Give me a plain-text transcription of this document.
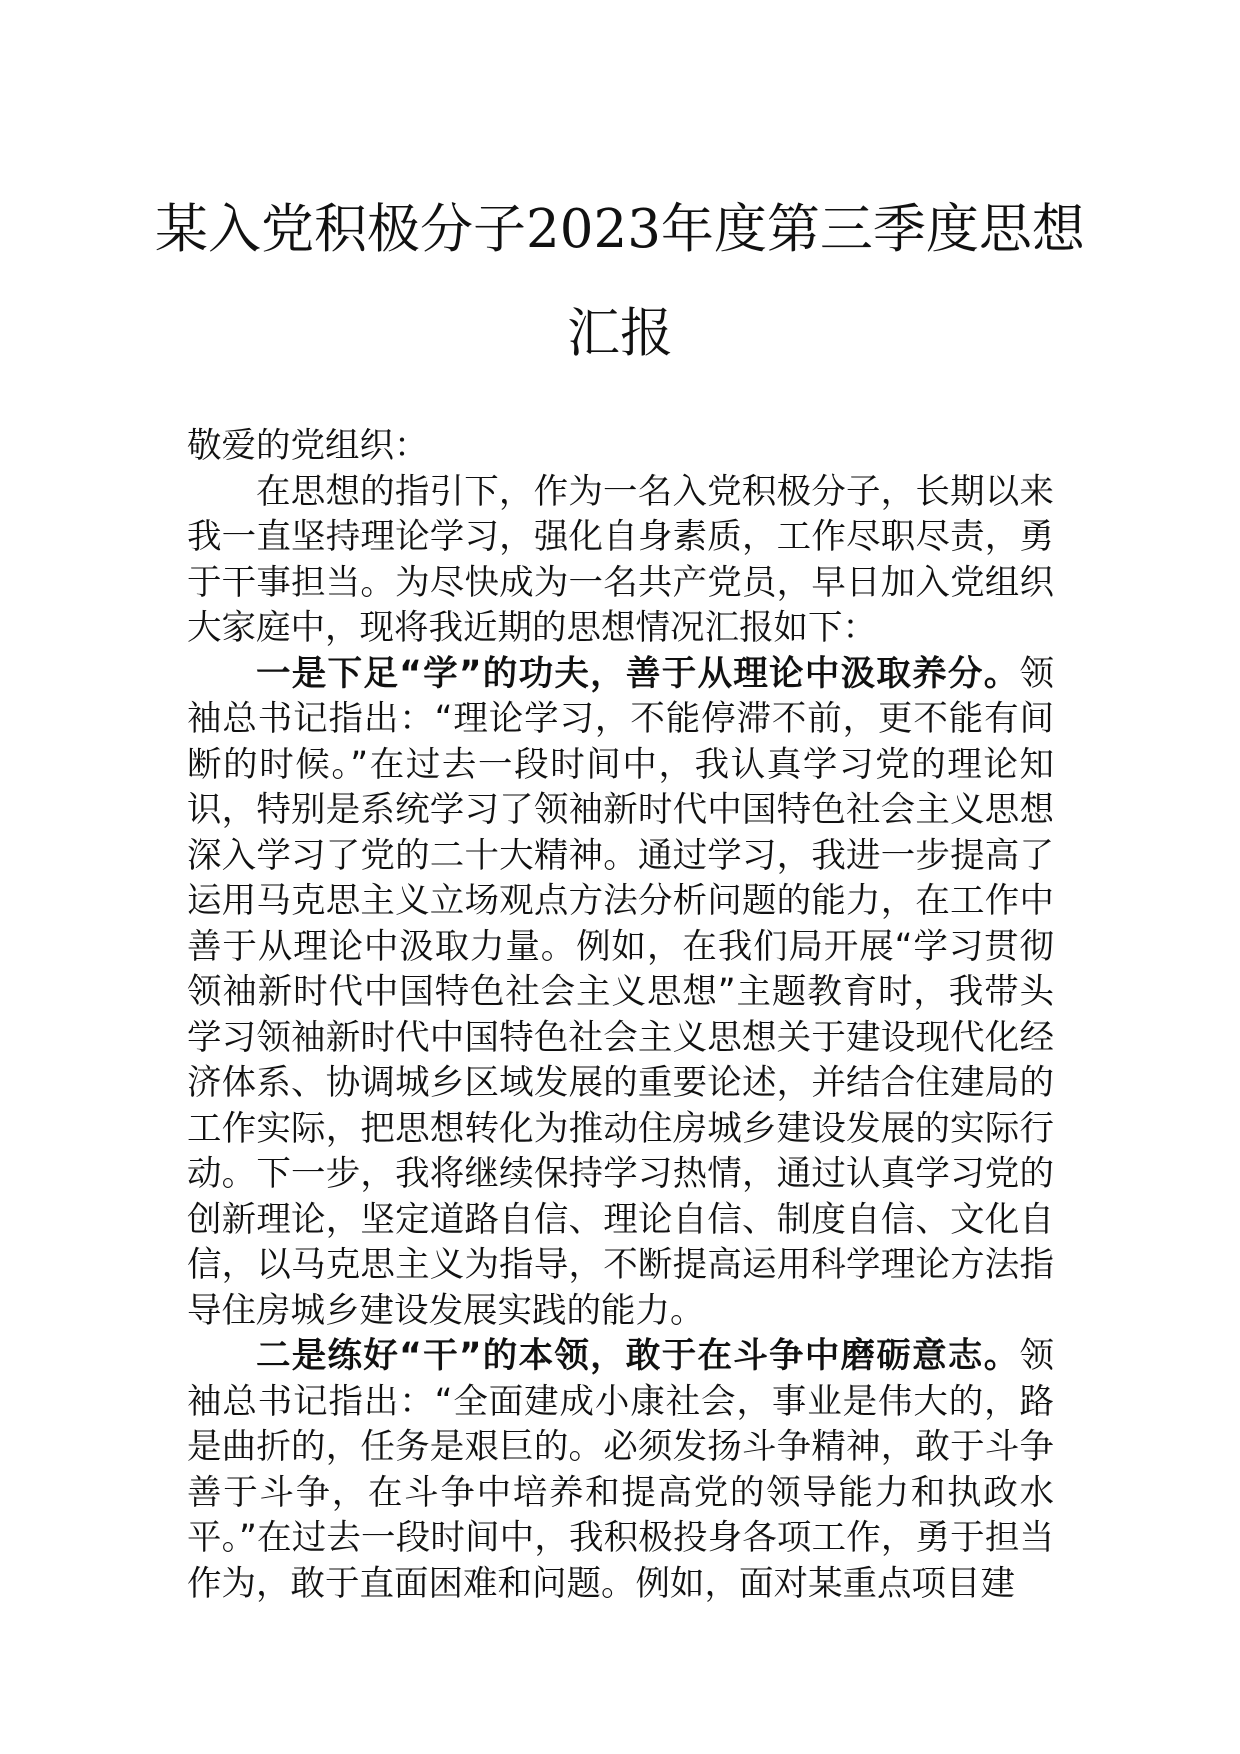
某入党积极分子2023年度第三季度思想汇报

敬爱的党组织：

在思想的指引下，作为一名入党积极分子，长期以来我一直坚持理论学习，强化自身素质，工作尽职尽责，勇于干事担当。为尽快成为一名共产党员，早日加入党组织大家庭中，现将我近期的思想情况汇报如下：

一是下足“学”的功夫，善于从理论中汲取养分。领袖总书记指出：“理论学习，不能停滞不前，更不能有间断的时候。”在过去一段时间中，我认真学习党的理论知识，特别是系统学习了领袖新时代中国特色社会主义思想深入学习了党的二十大精神。通过学习，我进一步提高了运用马克思主义立场观点方法分析问题的能力，在工作中善于从理论中汲取力量。例如，在我们局开展“学习贯彻领袖新时代中国特色社会主义思想”主题教育时，我带头学习领袖新时代中国特色社会主义思想关于建设现代化经济体系、协调城乡区域发展的重要论述，并结合住建局的工作实际，把思想转化为推动住房城乡建设发展的实际行动。下一步，我将继续保持学习热情，通过认真学习党的创新理论，坚定道路自信、理论自信、制度自信、文化自信，以马克思主义为指导，不断提高运用科学理论方法指导住房城乡建设发展实践的能力。

二是练好“干”的本领，敢于在斗争中磨砺意志。领袖总书记指出：“全面建成小康社会，事业是伟大的，路是曲折的，任务是艰巨的。必须发扬斗争精神，敢于斗争善于斗争，在斗争中培养和提高党的领导能力和执政水平。”在过去一段时间中，我积极投身各项工作，勇于担当作为，敢于直面困难和问题。例如，面对某重点项目建
